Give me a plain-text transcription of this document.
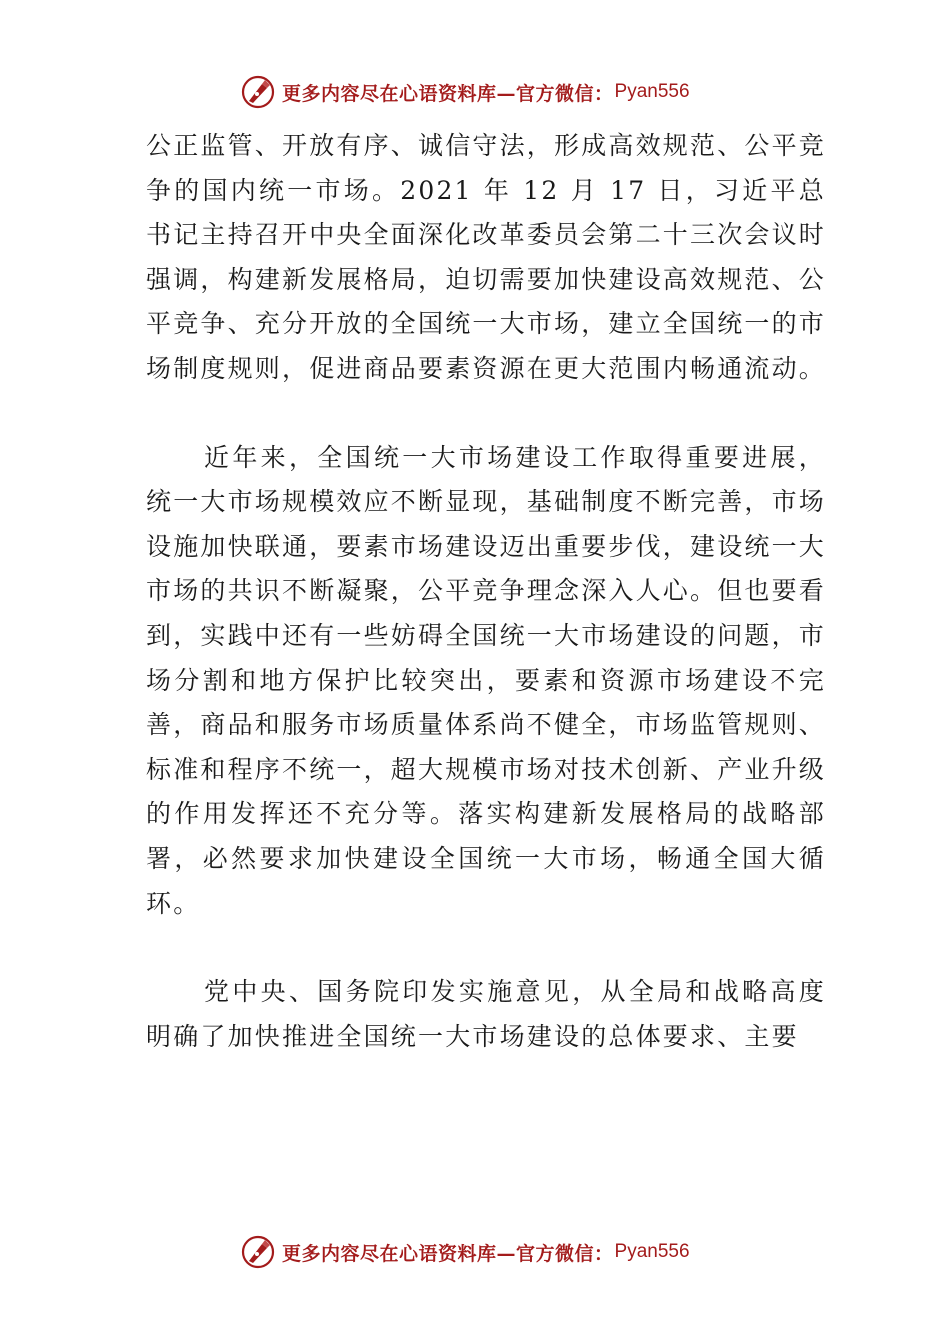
更多内容尽在心语资料库—官方微信： Pyan556

公正监管、开放有序、诚信守法，形成高效规范、公平竞争的国内统一市场。2021 年 12 月 17 日，习近平总书记主持召开中央全面深化改革委员会第二十三次会议时强调，构建新发展格局，迫切需要加快建设高效规范、公平竞争、充分开放的全国统一大市场，建立全国统一的市场制度规则，促进商品要素资源在更大范围内畅通流动。

近年来，全国统一大市场建设工作取得重要进展，统一大市场规模效应不断显现，基础制度不断完善，市场设施加快联通，要素市场建设迈出重要步伐，建设统一大市场的共识不断凝聚，公平竞争理念深入人心。但也要看到，实践中还有一些妨碍全国统一大市场建设的问题，市场分割和地方保护比较突出，要素和资源市场建设不完善，商品和服务市场质量体系尚不健全，市场监管规则、标准和程序不统一，超大规模市场对技术创新、产业升级的作用发挥还不充分等。落实构建新发展格局的战略部署，必然要求加快建设全国统一大市场，畅通全国大循环。

党中央、国务院印发实施意见，从全局和战略高度明确了加快推进全国统一大市场建设的总体要求、主要

更多内容尽在心语资料库—官方微信： Pyan556
